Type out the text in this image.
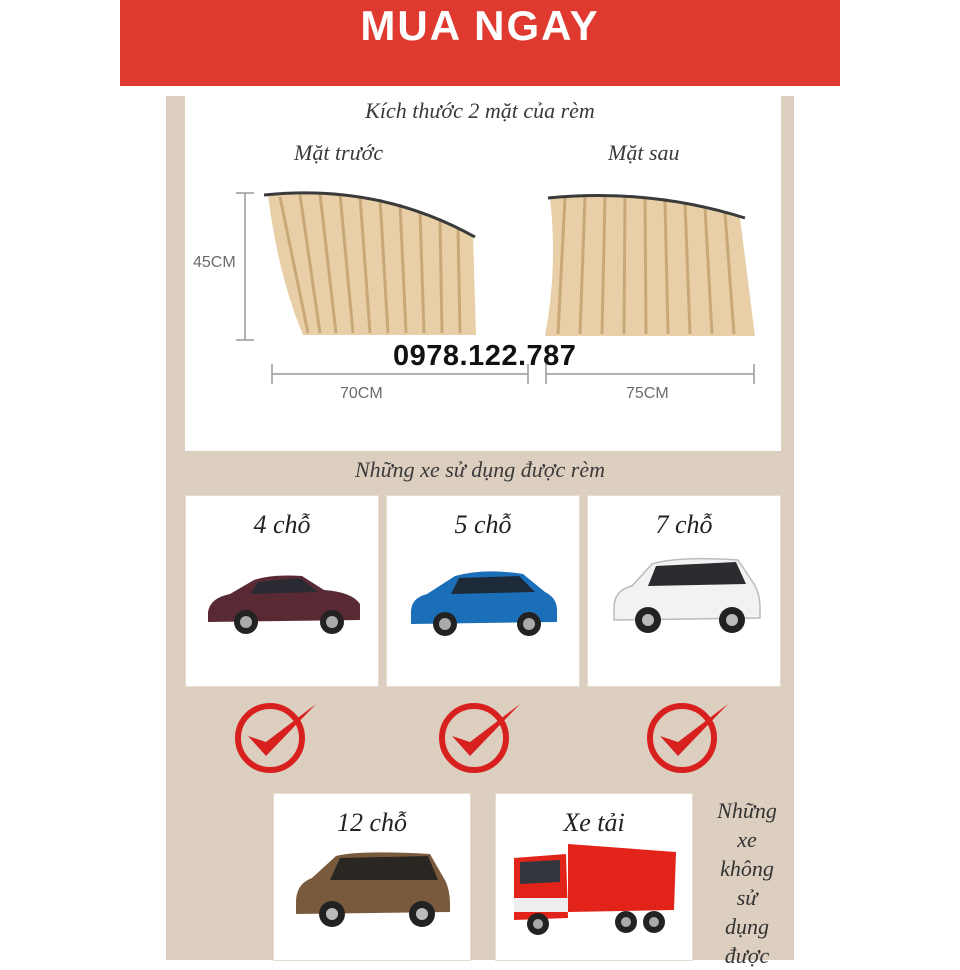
MUA NGAY
Kích thước 2 mặt của rèm
Mặt trước	Mặt sau
45CM
70CM	75CM
0978.122.787
Những xe sử dụng được rèm
4 chỗ	5 chỗ	7 chỗ
12 chỗ	Xe tải	Những
xe
không
sử
dụng
được
